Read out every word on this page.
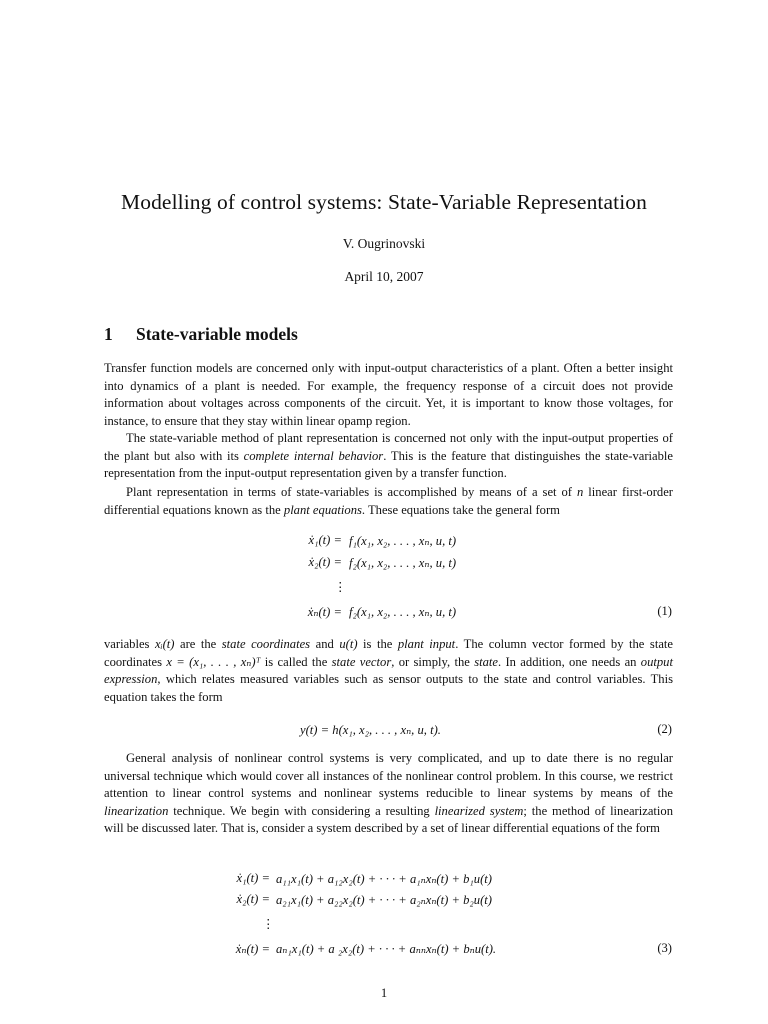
Modelling of control systems: State-Variable Representation
V. Ougrinovski
April 10, 2007
1 State-variable models

Transfer function models are concerned only with input-output characteristics of a plant. Often a better insight into dynamics of a plant is needed. For example, the frequency response of a circuit does not provide information about voltages across components of the circuit. Yet, it is important to know those voltages, for instance, to ensure that they stay within linear opamp region.

The state-variable method of plant representation is concerned not only with the input-output properties of the plant but also with its complete internal behavior. This is the feature that distinguishes the state-variable representation from the input-output representation given by a transfer function.

Plant representation in terms of state-variables is accomplished by means of a set of n linear first-order differential equations known as the plant equations. These equations take the general form

ẋ₁(t) = f₁(x₁, x₂, . . . , xₙ, u, t)
ẋ₂(t) = f₂(x₁, x₂, . . . , xₙ, u, t)
⋮
ẋₙ(t) = f₂(x₁, x₂, . . . , xₙ, u, t)	(1)

variables xᵢ(t) are the state coordinates and u(t) is the plant input. The column vector formed by the state coordinates x = (x₁, . . . , xₙ)ᵀ is called the state vector, or simply, the state. In addition, one needs an output expression, which relates measured variables such as sensor outputs to the state and control variables. This equation takes the form

y(t) = h(x₁, x₂, . . . , xₙ, u, t).	(2)

General analysis of nonlinear control systems is very complicated, and up to date there is no regular universal technique which would cover all instances of the nonlinear control problem. In this course, we restrict attention to linear control systems and nonlinear systems reducible to linear systems by means of the linearization technique. We begin with considering a resulting linearized system; the method of linearization will be discussed later. That is, consider a system described by a set of linear differential equations of the form

ẋ₁(t) = a₁₁x₁(t) + a₁₂x₂(t) + · · · + a₁ₙxₙ(t) + b₁u(t)
ẋ₂(t) = a₂₁x₁(t) + a₂₂x₂(t) + · · · + a₂ₙxₙ(t) + b₂u(t)
⋮
ẋₙ(t) = aₙ₁x₁(t) + a ₂x₂(t) + · · · + aₙₙxₙ(t) + bₙu(t).	(3)
1
